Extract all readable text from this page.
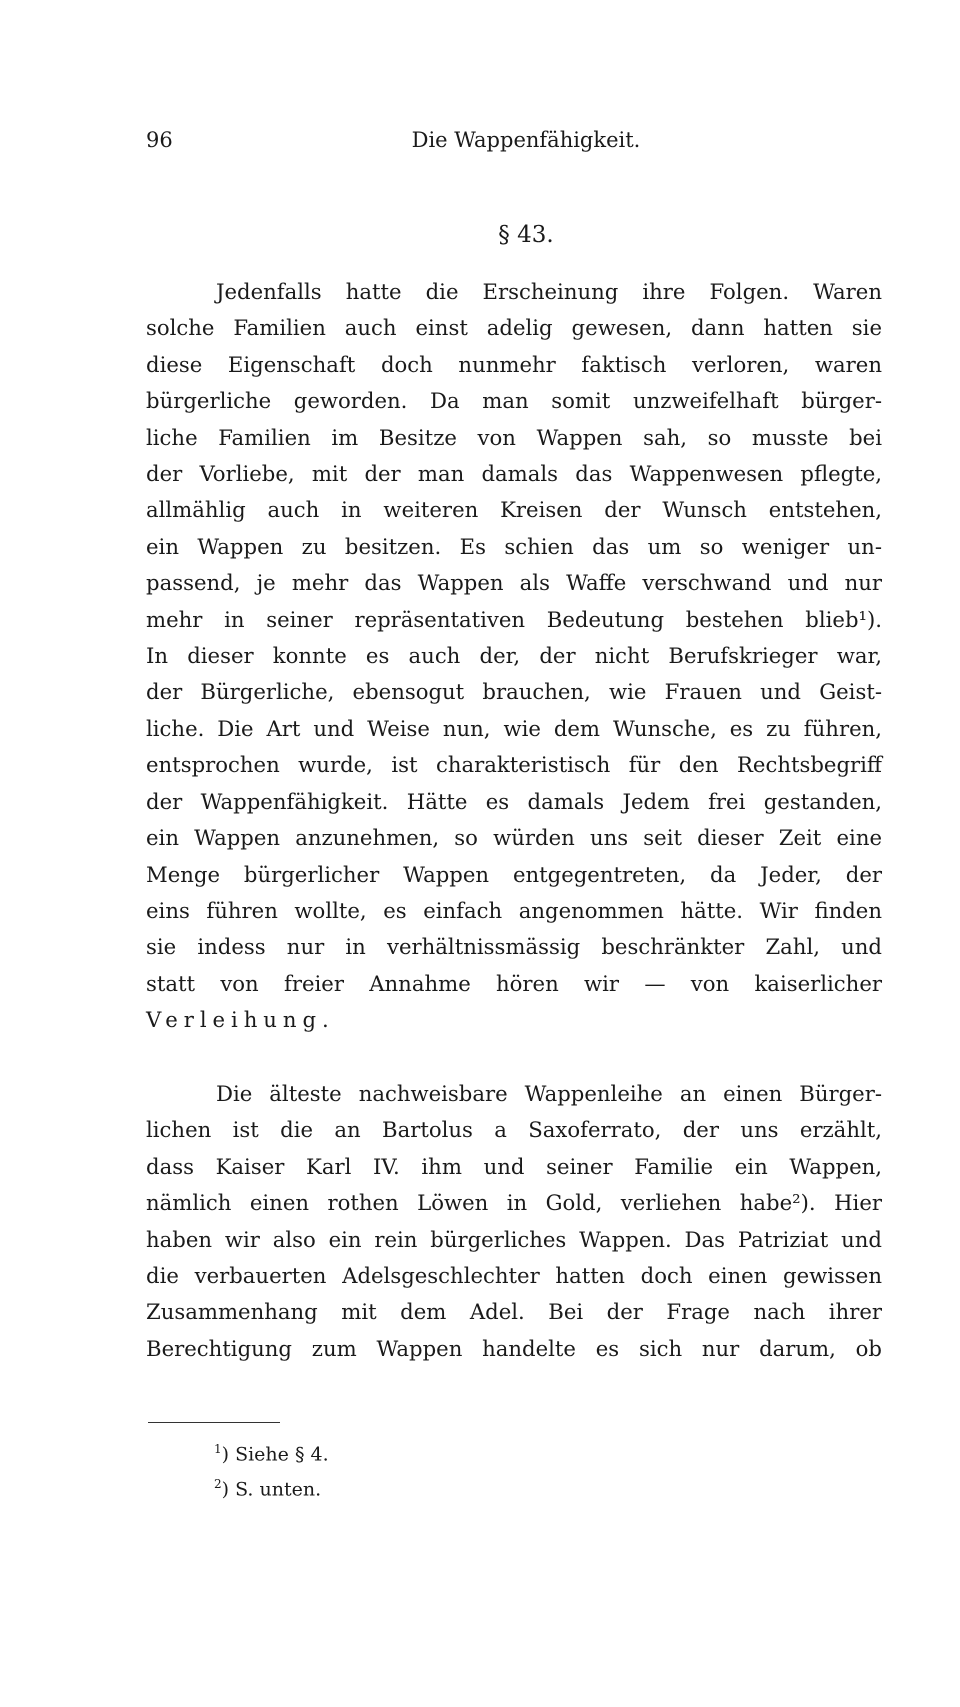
96	Die Wappenfähigkeit.
§ 43.
Jedenfalls hatte die Erscheinung ihre Folgen. Waren
solche Familien auch einst adelig gewesen, dann hatten sie
diese Eigenschaft doch nunmehr faktisch verloren, waren
bürgerliche geworden. Da man somit unzweifelhaft bürger-
liche Familien im Besitze von Wappen sah, so musste bei
der Vorliebe, mit der man damals das Wappenwesen pflegte,
allmählig auch in weiteren Kreisen der Wunsch entstehen,
ein Wappen zu besitzen. Es schien das um so weniger un-
passend, je mehr das Wappen als Waffe verschwand und nur
mehr in seiner repräsentativen Bedeutung bestehen blieb¹).
In dieser konnte es auch der, der nicht Berufskrieger war,
der Bürgerliche, ebensogut brauchen, wie Frauen und Geist-
liche. Die Art und Weise nun, wie dem Wunsche, es zu führen,
entsprochen wurde, ist charakteristisch für den Rechtsbegriff
der Wappenfähigkeit. Hätte es damals Jedem frei gestanden,
ein Wappen anzunehmen, so würden uns seit dieser Zeit eine
Menge bürgerlicher Wappen entgegentreten, da Jeder, der
eins führen wollte, es einfach angenommen hätte. Wir finden
sie indess nur in verhältnissmässig beschränkter Zahl, und
statt von freier Annahme hören wir — von kaiserlicher
Verleihung.
Die älteste nachweisbare Wappenleihe an einen Bürger-
lichen ist die an Bartolus a Saxoferrato, der uns erzählt,
dass Kaiser Karl IV. ihm und seiner Familie ein Wappen,
nämlich einen rothen Löwen in Gold, verliehen habe²). Hier
haben wir also ein rein bürgerliches Wappen. Das Patriziat und
die verbauerten Adelsgeschlechter hatten doch einen gewissen
Zusammenhang mit dem Adel. Bei der Frage nach ihrer
Berechtigung zum Wappen handelte es sich nur darum, ob
$^1$) Siehe § 4.
$^2$) S. unten.
